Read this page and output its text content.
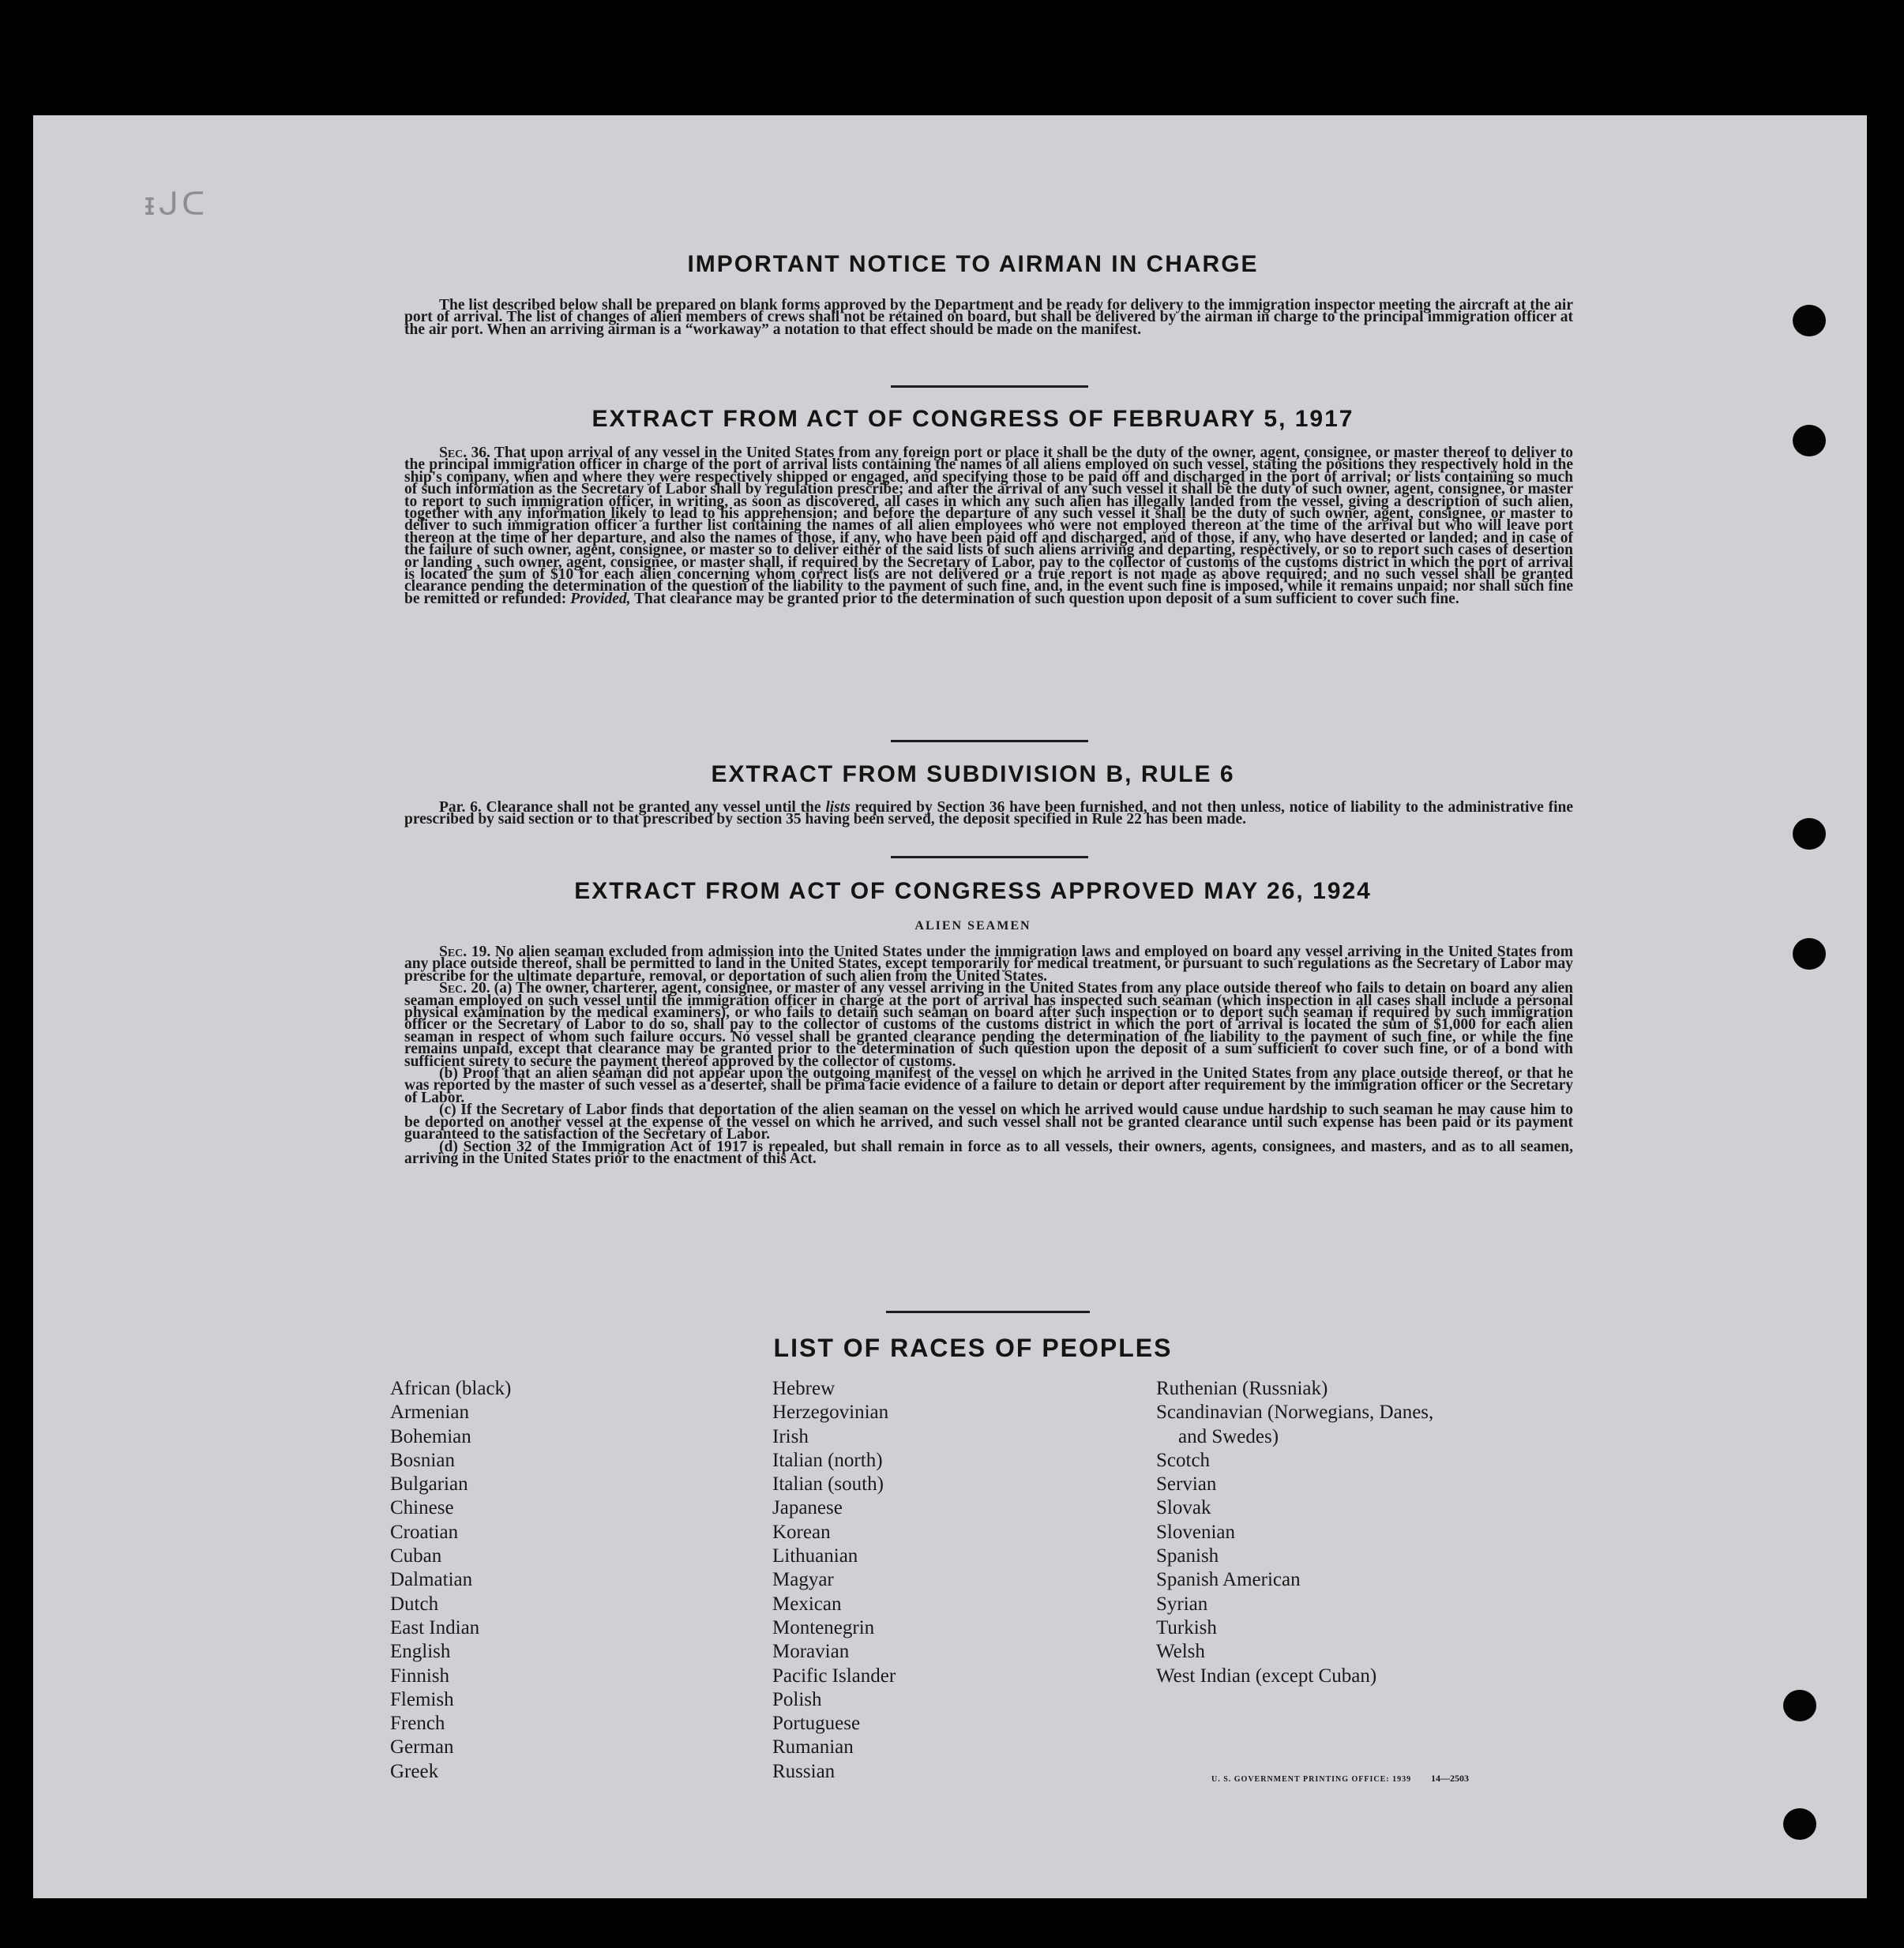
ᵻᒍᑕ
IMPORTANT NOTICE TO AIRMAN IN CHARGE

The list described below shall be prepared on blank forms approved by the Department and be ready for delivery to the immigration inspector meeting the aircraft at the air port of arrival. The list of changes of alien members of crews shall not be retained on board, but shall be delivered by the airman in charge to the principal immigration officer at the air port. When an arriving airman is a “workaway” a notation to that effect should be made on the manifest.

EXTRACT FROM ACT OF CONGRESS OF FEBRUARY 5, 1917

Sec. 36. That upon arrival of any vessel in the United States from any foreign port or place it shall be the duty of the owner, agent, consignee, or master thereof to deliver to the principal immigration officer in charge of the port of arrival lists containing the names of all aliens employed on such vessel, stating the positions they respectively hold in the ship's company, when and where they were respectively shipped or engaged, and specifying those to be paid off and discharged in the port of arrival; or lists containing so much of such information as the Secretary of Labor shall by regulation prescribe; and after the arrival of any such vessel it shall be the duty of such owner, agent, consignee, or master to report to such immigration officer, in writing, as soon as discovered, all cases in which any such alien has illegally landed from the vessel, giving a description of such alien, together with any information likely to lead to his apprehension; and before the departure of any such vessel it shall be the duty of such owner, agent, consignee, or master to deliver to such immigration officer a further list containing the names of all alien employees who were not employed thereon at the time of the arrival but who will leave port thereon at the time of her departure, and also the names of those, if any, who have been paid off and discharged, and of those, if any, who have deserted or landed; and in case of the failure of such owner, agent, consignee, or master so to deliver either of the said lists of such aliens arriving and departing, respectively, or so to report such cases of desertion or landing , such owner, agent, consignee, or master shall, if required by the Secretary of Labor, pay to the collector of customs of the customs district in which the port of arrival is located the sum of $10 for each alien concerning whom correct lists are not delivered or a true report is not made as above required; and no such vessel shall be granted clearance pending the determination of the question of the liability to the payment of such fine, and, in the event such fine is imposed, while it remains unpaid; nor shall such fine be remitted or refunded: Provided, That clearance may be granted prior to the determination of such question upon deposit of a sum sufficient to cover such fine.

EXTRACT FROM SUBDIVISION B, RULE 6

Par. 6. Clearance shall not be granted any vessel until the lists required by Section 36 have been furnished, and not then unless, notice of liability to the administrative fine prescribed by said section or to that prescribed by section 35 having been served, the deposit specified in Rule 22 has been made.

EXTRACT FROM ACT OF CONGRESS APPROVED MAY 26, 1924
ALIEN SEAMEN

Sec. 19. No alien seaman excluded from admission into the United States under the immigration laws and employed on board any vessel arriving in the United States from any place outside thereof, shall be permitted to land in the United States, except temporarily for medical treatment, or pursuant to such regulations as the Secretary of Labor may prescribe for the ultimate departure, removal, or deportation of such alien from the United States.

Sec. 20. (a) The owner, charterer, agent, consignee, or master of any vessel arriving in the United States from any place outside thereof who fails to detain on board any alien seaman employed on such vessel until the immigration officer in charge at the port of arrival has inspected such seaman (which inspection in all cases shall include a personal physical examination by the medical examiners), or who fails to detain such seaman on board after such inspection or to deport such seaman if required by such immigration officer or the Secretary of Labor to do so, shall pay to the collector of customs of the customs district in which the port of arrival is located the sum of $1,000 for each alien seaman in respect of whom such failure occurs. No vessel shall be granted clearance pending the determination of the liability to the payment of such fine, or while the fine remains unpaid, except that clearance may be granted prior to the determination of such question upon the deposit of a sum sufficient to cover such fine, or of a bond with sufficient surety to secure the payment thereof approved by the collector of customs.

(b) Proof that an alien seaman did not appear upon the outgoing manifest of the vessel on which he arrived in the United States from any place outside thereof, or that he was reported by the master of such vessel as a deserter, shall be prima facie evidence of a failure to detain or deport after requirement by the immigration officer or the Secretary of Labor.

(c) If the Secretary of Labor finds that deportation of the alien seaman on the vessel on which he arrived would cause undue hardship to such seaman he may cause him to be deported on another vessel at the expense of the vessel on which he arrived, and such vessel shall not be granted clearance until such expense has been paid or its payment guaranteed to the satisfaction of the Secretary of Labor.

(d) Section 32 of the Immigration Act of 1917 is repealed, but shall remain in force as to all vessels, their owners, agents, consignees, and masters, and as to all seamen, arriving in the United States prior to the enactment of this Act.

LIST OF RACES OF PEOPLES
African (black)
Armenian
Bohemian
Bosnian
Bulgarian
Chinese
Croatian
Cuban
Dalmatian
Dutch
East Indian
English
Finnish
Flemish
French
German
Greek
Hebrew
Herzegovinian
Irish
Italian (north)
Italian (south)
Japanese
Korean
Lithuanian
Magyar
Mexican
Montenegrin
Moravian
Pacific Islander
Polish
Portuguese
Rumanian
Russian
Ruthenian (Russniak)
Scandinavian (Norwegians, Danes,
and Swedes)
Scotch
Servian
Slovak
Slovenian
Spanish
Spanish American
Syrian
Turkish
Welsh
West Indian (except Cuban)
U. S. GOVERNMENT PRINTING OFFICE: 1939 14—2503
